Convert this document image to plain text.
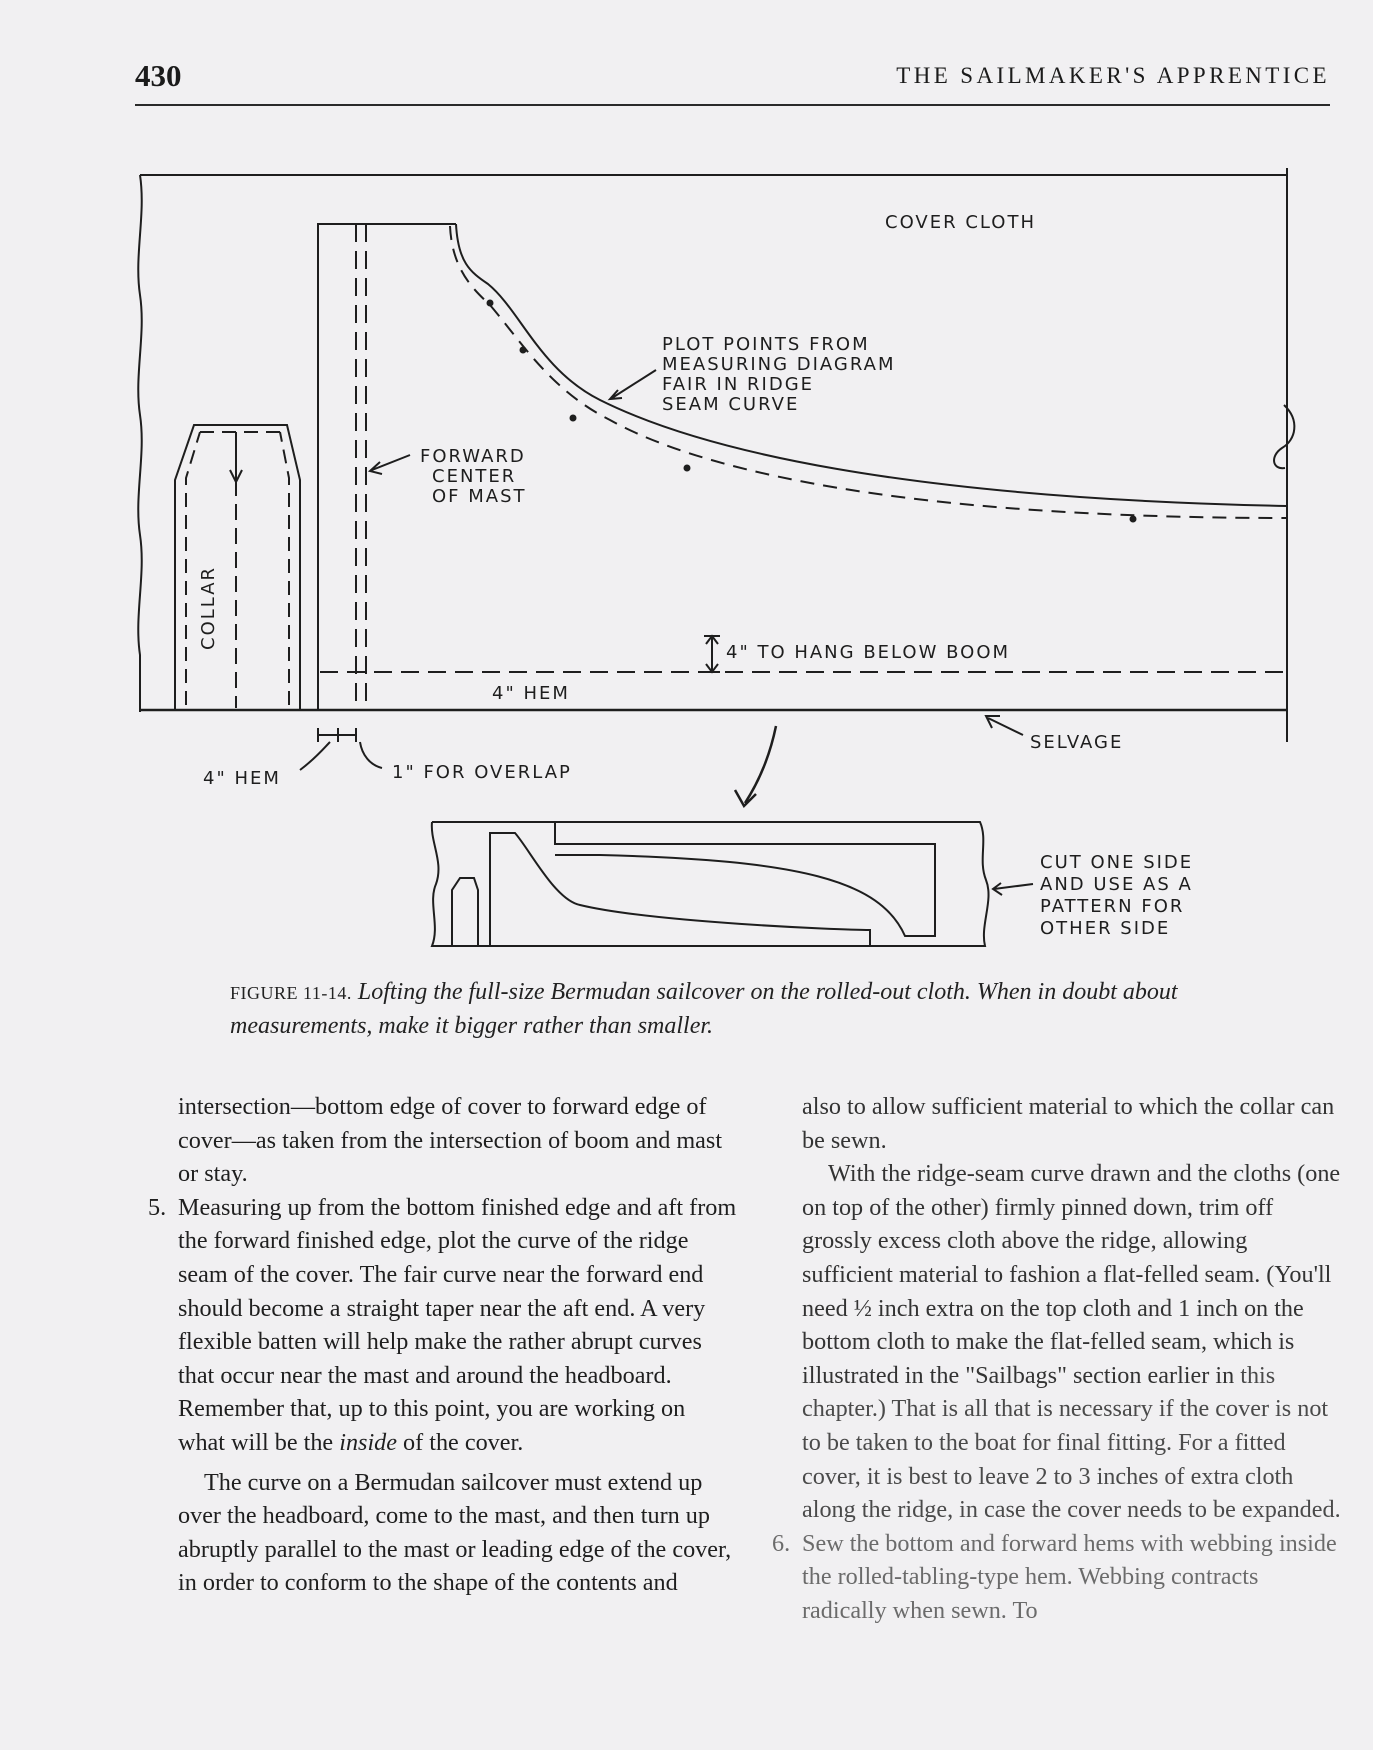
430	THE SAILMAKER'S APPRENTICE
COVER CLOTH
PLOT POINTS FROM
MEASURING DIAGRAM
FAIR IN RIDGE
SEAM CURVE
FORWARD
CENTER
OF MAST
COLLAR
4" TO HANG BELOW BOOM
4" HEM
SELVAGE
4" HEM	1" FOR OVERLAP
CUT ONE SIDE
AND USE AS A
PATTERN FOR
OTHER SIDE
FIGURE 11-14. Lofting the full-size Bermudan sailcover on the rolled-out cloth. When in doubt about measurements, make it bigger rather than smaller.

intersection—bottom edge of cover to forward edge of cover—as taken from the intersection of boom and mast or stay.

5. Measuring up from the bottom finished edge and aft from the forward finished edge, plot the curve of the ridge seam of the cover. The fair curve near the forward end should become a straight taper near the aft end. A very flexible batten will help make the rather abrupt curves that occur near the mast and around the headboard. Remember that, up to this point, you are working on what will be the inside of the cover.

The curve on a Bermudan sailcover must extend up over the headboard, come to the mast, and then turn up abruptly parallel to the mast or leading edge of the cover, in order to conform to the shape of the contents and

also to allow sufficient material to which the collar can be sewn.

With the ridge-seam curve drawn and the cloths (one on top of the other) firmly pinned down, trim off grossly excess cloth above the ridge, allowing sufficient material to fashion a flat-felled seam. (You'll need ½ inch extra on the top cloth and 1 inch on the bottom cloth to make the flat-felled seam, which is illustrated in the "Sailbags" section earlier in this chapter.) That is all that is necessary if the cover is not to be taken to the boat for final fitting. For a fitted cover, it is best to leave 2 to 3 inches of extra cloth along the ridge, in case the cover needs to be expanded.

6. Sew the bottom and forward hems with webbing inside the rolled-tabling-type hem. Webbing contracts radically when sewn. To
